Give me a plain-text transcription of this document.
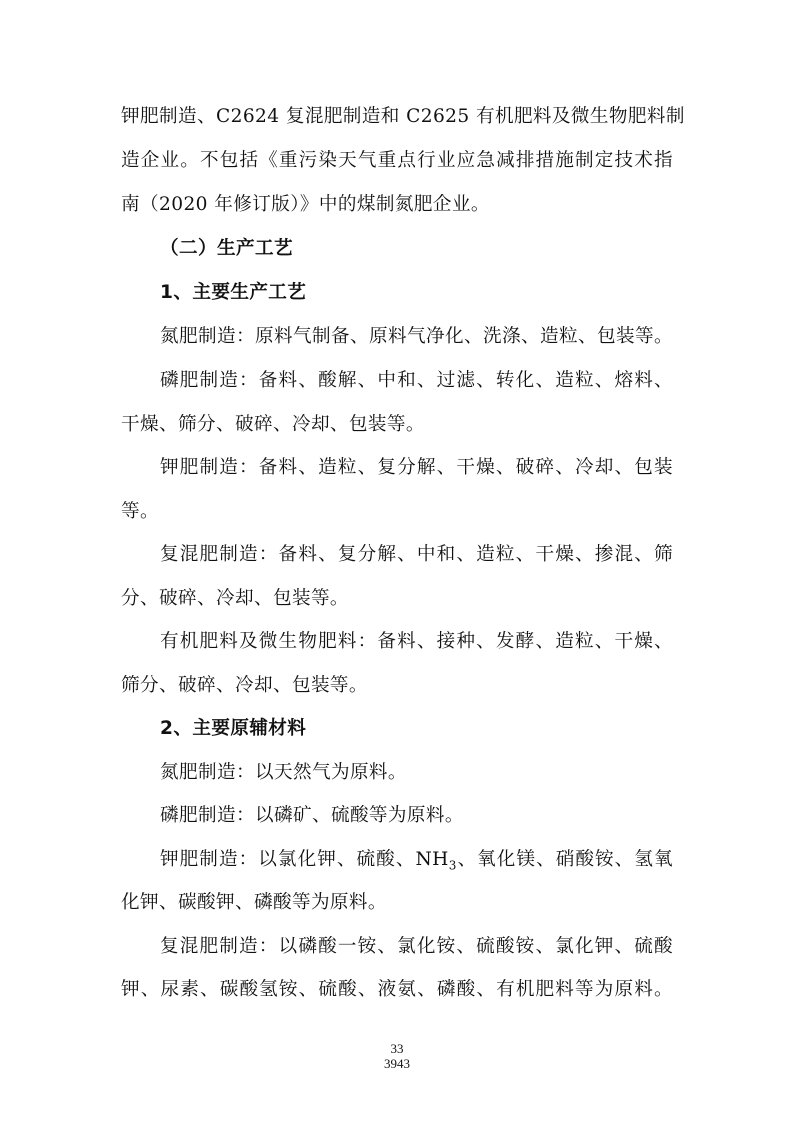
钾肥制造、C2624 复混肥制造和 C2625 有机肥料及微生物肥料制
造企业。不包括《重污染天气重点行业应急减排措施制定技术指
南（2020 年修订版）》中的煤制氮肥企业。
（二）生产工艺
1、主要生产工艺
氮肥制造：原料气制备、原料气净化、洗涤、造粒、包装等。
磷肥制造：备料、酸解、中和、过滤、转化、造粒、熔料、
干燥、筛分、破碎、冷却、包装等。
钾肥制造：备料、造粒、复分解、干燥、破碎、冷却、包装
等。
复混肥制造：备料、复分解、中和、造粒、干燥、掺混、筛
分、破碎、冷却、包装等。
有机肥料及微生物肥料：备料、接种、发酵、造粒、干燥、
筛分、破碎、冷却、包装等。
2、主要原辅材料
氮肥制造：以天然气为原料。
磷肥制造：以磷矿、硫酸等为原料。
钾肥制造：以氯化钾、硫酸、$NH_3$、氧化镁、硝酸铵、氢氧
化钾、碳酸钾、磷酸等为原料。
复混肥制造：以磷酸一铵、氯化铵、硫酸铵、氯化钾、硫酸
钾、尿素、碳酸氢铵、硫酸、液氨、磷酸、有机肥料等为原料。
33
3943
